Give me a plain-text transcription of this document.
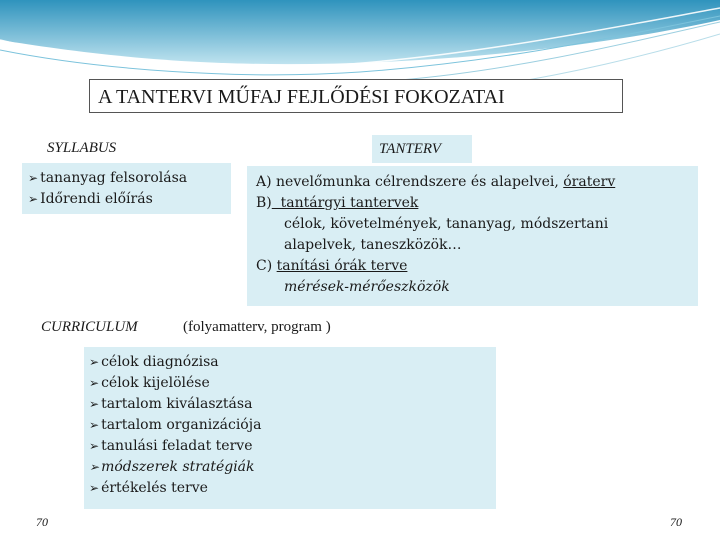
A TANTERVI MŰFAJ FEJLŐDÉSI FOKOZATAI
SYLLABUS
➢ tananyag felsorolása
➢ Időrendi előírás
TANTERV
A)
nevelőmunka célrendszere és alapelvei, óraterv
B) tantárgyi tantervek
célok, követelmények, tananyag, módszertani
alapelvek, taneszközök…
C)
tanítási órák terve
mérések-mérőeszközök
CURRICULUM	(folyamatterv, program )
➢ célok diagnózisa
➢ célok kijelölése
➢ tartalom kiválasztása
➢ tartalom organizációja
➢ tanulási feladat terve
➢ módszerek stratégiák
➢ értékelés terve
70	70
